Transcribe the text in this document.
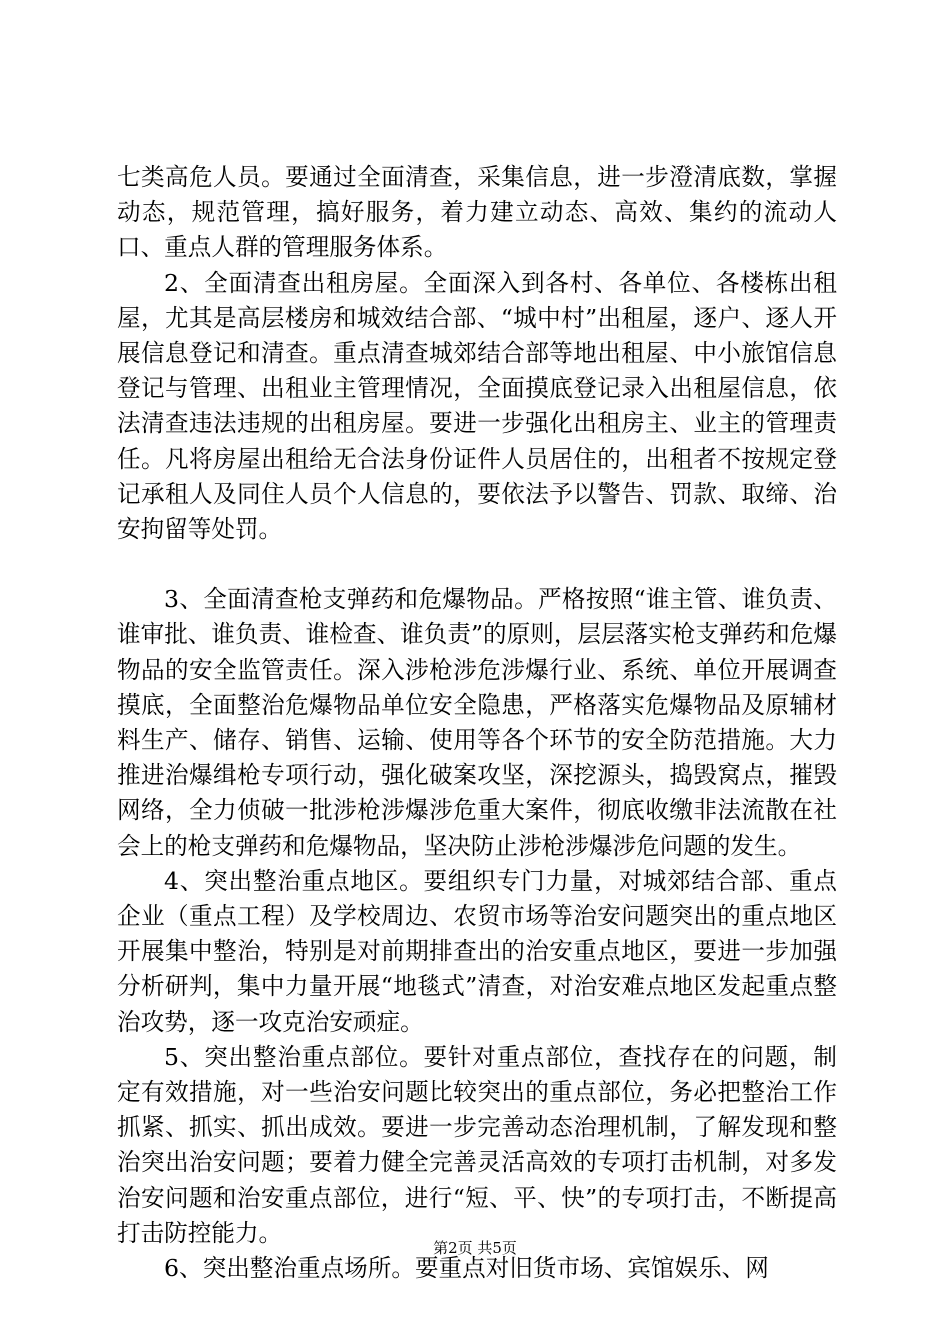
七类高危人员。要通过全面清查，采集信息，进一步澄清底数，掌握动态，规范管理，搞好服务，着力建立动态、高效、集约的流动人口、重点人群的管理服务体系。

2、全面清查出租房屋。全面深入到各村、各单位、各楼栋出租屋，尤其是高层楼房和城效结合部、“城中村”出租屋，逐户、逐人开展信息登记和清查。重点清查城郊结合部等地出租屋、中小旅馆信息登记与管理、出租业主管理情况，全面摸底登记录入出租屋信息，依法清查违法违规的出租房屋。要进一步强化出租房主、业主的管理责任。凡将房屋出租给无合法身份证件人员居住的，出租者不按规定登记承租人及同住人员个人信息的，要依法予以警告、罚款、取缔、治安拘留等处罚。

3、全面清查枪支弹药和危爆物品。严格按照“谁主管、谁负责、谁审批、谁负责、谁检查、谁负责”的原则，层层落实枪支弹药和危爆物品的安全监管责任。深入涉枪涉危涉爆行业、系统、单位开展调查摸底，全面整治危爆物品单位安全隐患，严格落实危爆物品及原辅材料生产、储存、销售、运输、使用等各个环节的安全防范措施。大力推进治爆缉枪专项行动，强化破案攻坚，深挖源头，捣毁窝点，摧毁网络，全力侦破一批涉枪涉爆涉危重大案件，彻底收缴非法流散在社会上的枪支弹药和危爆物品，坚决防止涉枪涉爆涉危问题的发生。

4、突出整治重点地区。要组织专门力量，对城郊结合部、重点企业（重点工程）及学校周边、农贸市场等治安问题突出的重点地区开展集中整治，特别是对前期排查出的治安重点地区，要进一步加强分析研判，集中力量开展“地毯式”清查，对治安难点地区发起重点整治攻势，逐一攻克治安顽症。

5、突出整治重点部位。要针对重点部位，查找存在的问题，制定有效措施，对一些治安问题比较突出的重点部位，务必把整治工作抓紧、抓实、抓出成效。要进一步完善动态治理机制，了解发现和整治突出治安问题；要着力健全完善灵活高效的专项打击机制，对多发治安问题和治安重点部位，进行“短、平、快”的专项打击，不断提高打击防控能力。

6、突出整治重点场所。要重点对旧货市场、宾馆娱乐、网

第2页 共5页
